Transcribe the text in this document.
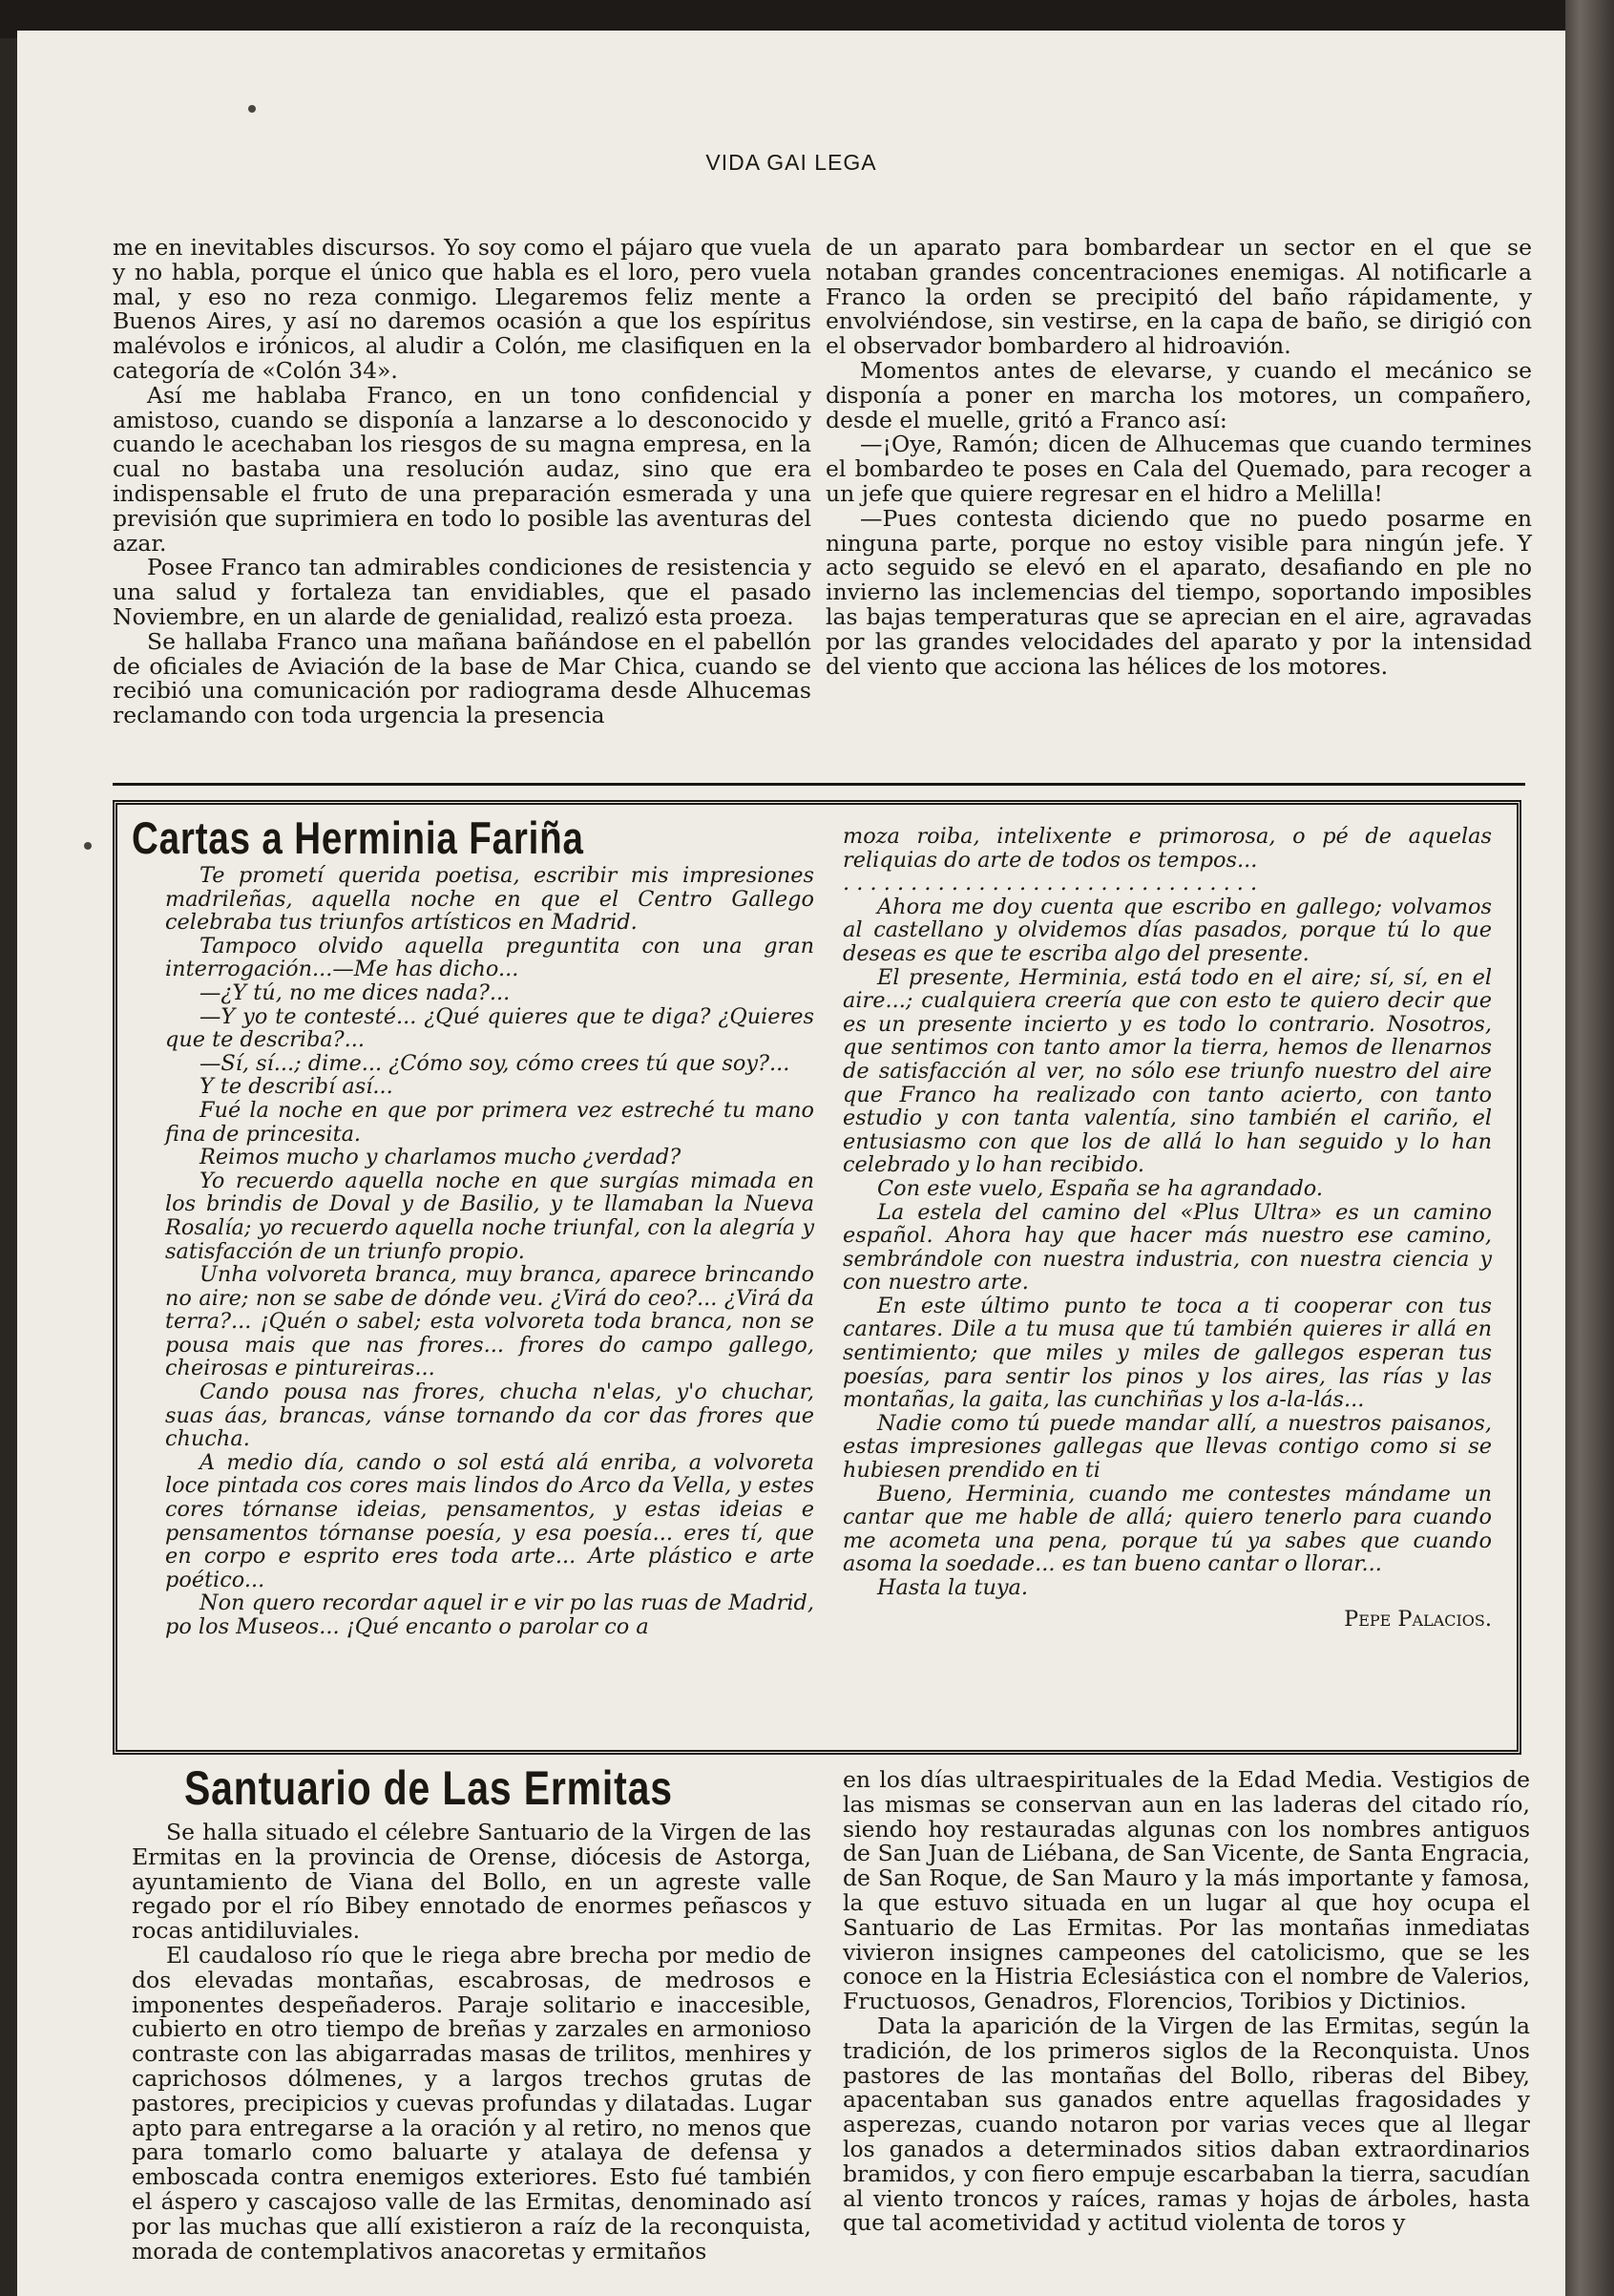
VIDA GAI LEGA

me en inevitables discursos. Yo soy como el pájaro que vuela y no habla, porque el único que habla es el loro, pero vuela mal, y eso no reza conmigo. Llegaremos feliz mente a Buenos Aires, y así no daremos ocasión a que los espíritus malévolos e irónicos, al aludir a Colón, me clasifiquen en la categoría de «Colón 34».

Así me hablaba Franco, en un tono confidencial y amistoso, cuando se disponía a lanzarse a lo desconocido y cuando le acechaban los riesgos de su magna empresa, en la cual no bastaba una resolución audaz, sino que era indispensable el fruto de una preparación esmerada y una previsión que suprimiera en todo lo posible las aventuras del azar.

Posee Franco tan admirables condiciones de resistencia y una salud y fortaleza tan envidiables, que el pasado Noviembre, en un alarde de genialidad, realizó esta proeza.

Se hallaba Franco una mañana bañándose en el pabellón de oficiales de Aviación de la base de Mar Chica, cuando se recibió una comunicación por radiograma desde Alhucemas reclamando con toda urgencia la presencia

de un aparato para bombardear un sector en el que se notaban grandes concentraciones enemigas. Al notificarle a Franco la orden se precipitó del baño rápidamente, y envolviéndose, sin vestirse, en la capa de baño, se dirigió con el observador bombardero al hidroavión.

Momentos antes de elevarse, y cuando el mecánico se disponía a poner en marcha los motores, un compañero, desde el muelle, gritó a Franco así:

—¡Oye, Ramón; dicen de Alhucemas que cuando termines el bombardeo te poses en Cala del Quemado, para recoger a un jefe que quiere regresar en el hidro a Melilla!

—Pues contesta diciendo que no puedo posarme en ninguna parte, porque no estoy visible para ningún jefe. Y acto seguido se elevó en el aparato, desafiando en ple no invierno las inclemencias del tiempo, soportando imposibles las bajas temperaturas que se aprecian en el aire, agravadas por las grandes velocidades del aparato y por la intensidad del viento que acciona las hélices de los motores.

Cartas a Herminia Fariña

Te prometí querida poetisa, escribir mis impresiones madrileñas, aquella noche en que el Centro Gallego celebraba tus triunfos artísticos en Madrid.

Tampoco olvido aquella preguntita con una gran interrogación...—Me has dicho...

—¿Y tú, no me dices nada?...

—Y yo te contesté... ¿Qué quieres que te diga? ¿Quieres que te describa?...

—Sí, sí...; dime... ¿Cómo soy, cómo crees tú que soy?...

Y te describí así...

Fué la noche en que por primera vez estreché tu mano fina de princesita.

Reimos mucho y charlamos mucho ¿verdad?

Yo recuerdo aquella noche en que surgías mimada en los brindis de Doval y de Basilio, y te llamaban la Nueva Rosalía; yo recuerdo aquella noche triunfal, con la alegría y satisfacción de un triunfo propio.

Unha volvoreta branca, muy branca, aparece brincando no aire; non se sabe de dónde veu. ¿Virá do ceo?... ¿Virá da terra?... ¡Quén o sabel; esta volvoreta toda branca, non se pousa mais que nas frores... frores do campo gallego, cheirosas e pintureiras...

Cando pousa nas frores, chucha n'elas, y'o chuchar, suas áas, brancas, vánse tornando da cor das frores que chucha.

A medio día, cando o sol está alá enriba, a volvoreta loce pintada cos cores mais lindos do Arco da Vella, y estes cores tórnanse ideias, pensamentos, y estas ideias e pensamentos tórnanse poesía, y esa poesía... eres tí, que en corpo e esprito eres toda arte... Arte plástico e arte poético...

Non quero recordar aquel ir e vir po las ruas de Madrid, po los Museos... ¡Qué encanto o parolar co a

moza roiba, intelixente e primorosa, o pé de aquelas reliquias do arte de todos os tempos...

. . . . . . . . . . . . . . . . . . . . . . . . . . . . . . .

Ahora me doy cuenta que escribo en gallego; volvamos al castellano y olvidemos días pasados, porque tú lo que deseas es que te escriba algo del presente.

El presente, Herminia, está todo en el aire; sí, sí, en el aire...; cualquiera creería que con esto te quiero decir que es un presente incierto y es todo lo contrario. Nosotros, que sentimos con tanto amor la tierra, hemos de llenarnos de satisfacción al ver, no sólo ese triunfo nuestro del aire que Franco ha realizado con tanto acierto, con tanto estudio y con tanta valentía, sino también el cariño, el entusiasmo con que los de allá lo han seguido y lo han celebrado y lo han recibido.

Con este vuelo, España se ha agrandado.

La estela del camino del «Plus Ultra» es un camino español. Ahora hay que hacer más nuestro ese camino, sembrándole con nuestra industria, con nuestra ciencia y con nuestro arte.

En este último punto te toca a ti cooperar con tus cantares. Dile a tu musa que tú también quieres ir allá en sentimiento; que miles y miles de gallegos esperan tus poesías, para sentir los pinos y los aires, las rías y las montañas, la gaita, las cunchiñas y los a-la-lás...

Nadie como tú puede mandar allí, a nuestros paisanos, estas impresiones gallegas que llevas contigo como si se hubiesen prendido en ti

Bueno, Herminia, cuando me contestes mándame un cantar que me hable de allá; quiero tenerlo para cuando me acometa una pena, porque tú ya sabes que cuando asoma la soedade... es tan bueno cantar o llorar...

Hasta la tuya.

Pepe Palacios.
Santuario de Las Ermitas

Se halla situado el célebre Santuario de la Virgen de las Ermitas en la provincia de Orense, diócesis de Astorga, ayuntamiento de Viana del Bollo, en un agreste valle regado por el río Bibey ennotado de enormes peñascos y rocas antidiluviales.

El caudaloso río que le riega abre brecha por medio de dos elevadas montañas, escabrosas, de medrosos e imponentes despeñaderos. Paraje solitario e inaccesible, cubierto en otro tiempo de breñas y zarzales en armonioso contraste con las abigarradas masas de trilitos, menhires y caprichosos dólmenes, y a largos trechos grutas de pastores, precipicios y cuevas profundas y dilatadas. Lugar apto para entregarse a la oración y al retiro, no menos que para tomarlo como baluarte y atalaya de defensa y emboscada contra enemigos exteriores. Esto fué también el áspero y cascajoso valle de las Ermitas, denominado así por las muchas que allí existieron a raíz de la reconquista, morada de contemplativos anacoretas y ermitaños

en los días ultraespirituales de la Edad Media. Vestigios de las mismas se conservan aun en las laderas del citado río, siendo hoy restauradas algunas con los nombres antiguos de San Juan de Liébana, de San Vicente, de Santa Engracia, de San Roque, de San Mauro y la más importante y famosa, la que estuvo situada en un lugar al que hoy ocupa el Santuario de Las Ermitas. Por las montañas inmediatas vivieron insignes campeones del catolicismo, que se les conoce en la Histria Eclesiástica con el nombre de Valerios, Fructuosos, Genadros, Florencios, Toribios y Dictinios.

Data la aparición de la Virgen de las Ermitas, según la tradición, de los primeros siglos de la Reconquista. Unos pastores de las montañas del Bollo, riberas del Bibey, apacentaban sus ganados entre aquellas fragosidades y asperezas, cuando notaron por varias veces que al llegar los ganados a determinados sitios daban extraordinarios bramidos, y con fiero empuje escarbaban la tierra, sacudían al viento troncos y raíces, ramas y hojas de árboles, hasta que tal acometividad y actitud violenta de toros y
